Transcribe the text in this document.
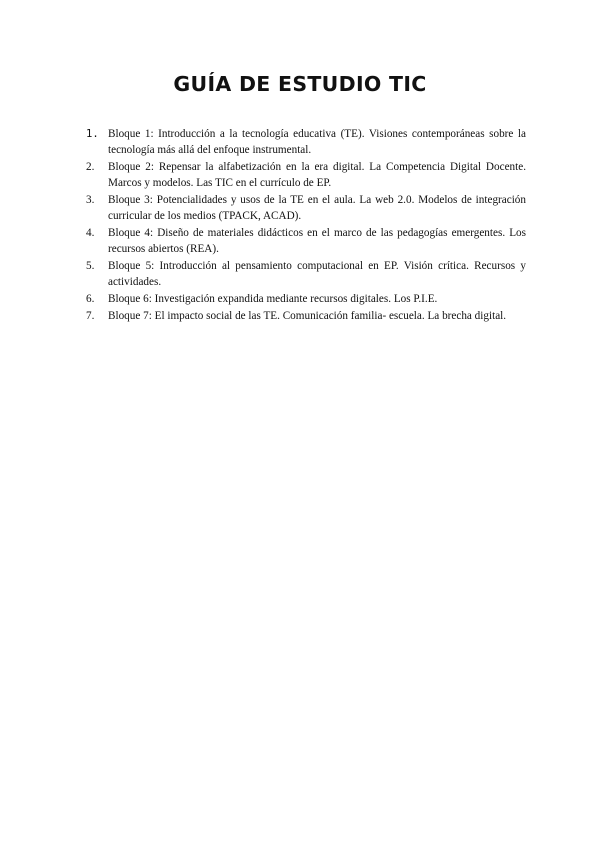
GUÍA DE ESTUDIO TIC
1. Bloque 1: Introducción a la tecnología educativa (TE). Visiones contemporáneas sobre la tecnología más allá del enfoque instrumental.
2.	Bloque 2: Repensar la alfabetización en la era digital. La Competencia Digital Docente. Marcos y modelos. Las TIC en el currículo de EP.
3.	Bloque 3: Potencialidades y usos de la TE en el aula. La web 2.0. Modelos de integración curricular de los medios (TPACK, ACAD).
4.	Bloque 4: Diseño de materiales didácticos en el marco de las pedagogías emergentes. Los recursos abiertos (REA).
5.	Bloque 5: Introducción al pensamiento computacional en EP. Visión crítica. Recursos y actividades.
6.	Bloque 6: Investigación expandida mediante recursos digitales. Los P.I.E.
7.	Bloque 7: El impacto social de las TE. Comunicación familia- escuela. La brecha digital.
